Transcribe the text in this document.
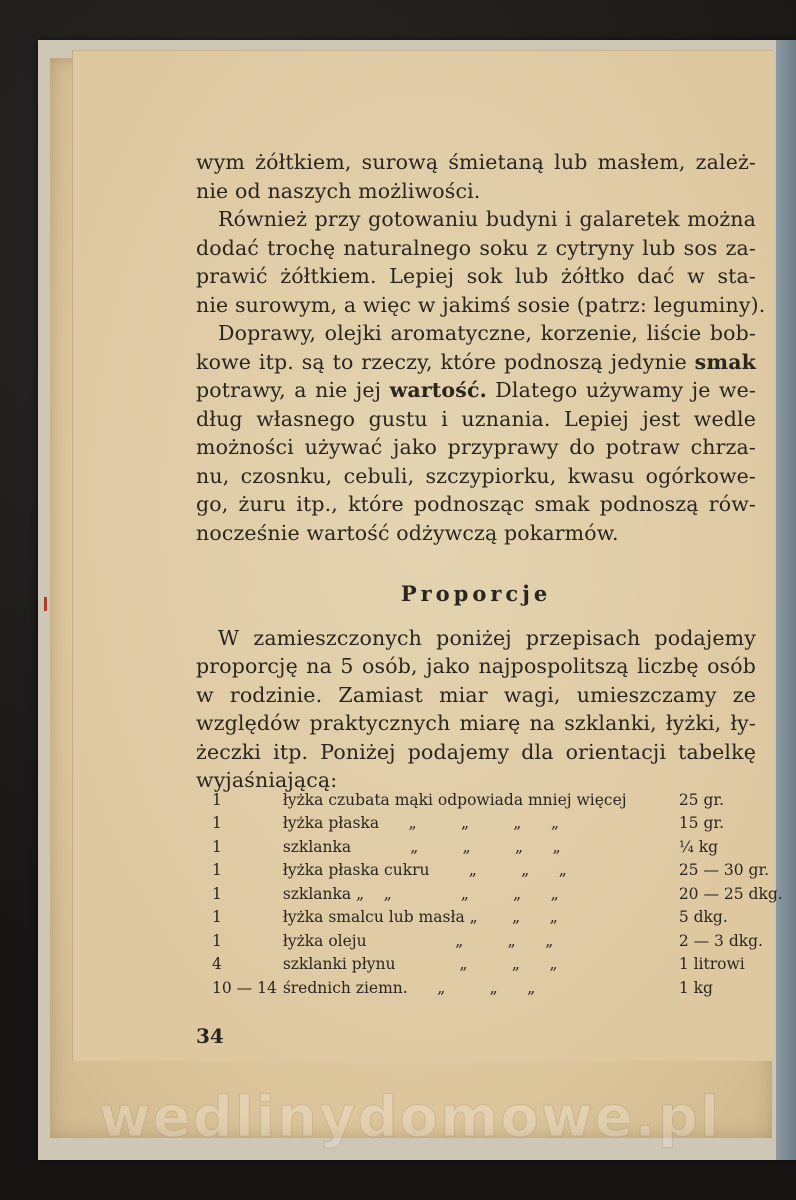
wym żółtkiem, surową śmietaną lub masłem, zależ-
nie od naszych możliwości.
Również przy gotowaniu budyni i galaretek można
dodać trochę naturalnego soku z cytryny lub sos za-
prawić żółtkiem. Lepiej sok lub żółtko dać w sta-
nie surowym, a więc w jakimś sosie (patrz: leguminy).
Doprawy, olejki aromatyczne, korzenie, liście bob-
kowe itp. są to rzeczy, które podnoszą jedynie smak
potrawy, a nie jej wartość. Dlatego używamy je we-
dług własnego gustu i uznania. Lepiej jest wedle
możności używać jako przyprawy do potraw chrza-
nu, czosnku, cebuli, szczypiorku, kwasu ogórkowe-
go, żuru itp., które podnosząc smak podnoszą rów-
nocześnie wartość odżywczą pokarmów.
Proporcje
W zamieszczonych poniżej przepisach podajemy
proporcję na 5 osób, jako najpospolitszą liczbę osób
w rodzinie. Zamiast miar wagi, umieszczamy ze
względów praktycznych miarę na szklanki, łyżki, ły-
żeczki itp. Poniżej podajemy dla orientacji tabelkę
wyjaśniającą:
1	łyżka czubata mąki odpowiada mniej więcej	25 gr.
1	łyżka płaska      „         „         „      „	15 gr.
1	szklanka            „         „         „      „	¼ kg
1	łyżka płaska cukru        „         „      „	25 — 30 gr.
1	szklanka „    „              „         „      „	20 — 25 dkg.
1	łyżka smalcu lub masła „       „      „	5 dkg.
1	łyżka oleju                  „         „      „	2 — 3 dkg.
4	szklanki płynu             „         „      „	1 litrowi
10 — 14	średnich ziemn.      „         „      „	1 kg
34
wedlinydomowe.pl
